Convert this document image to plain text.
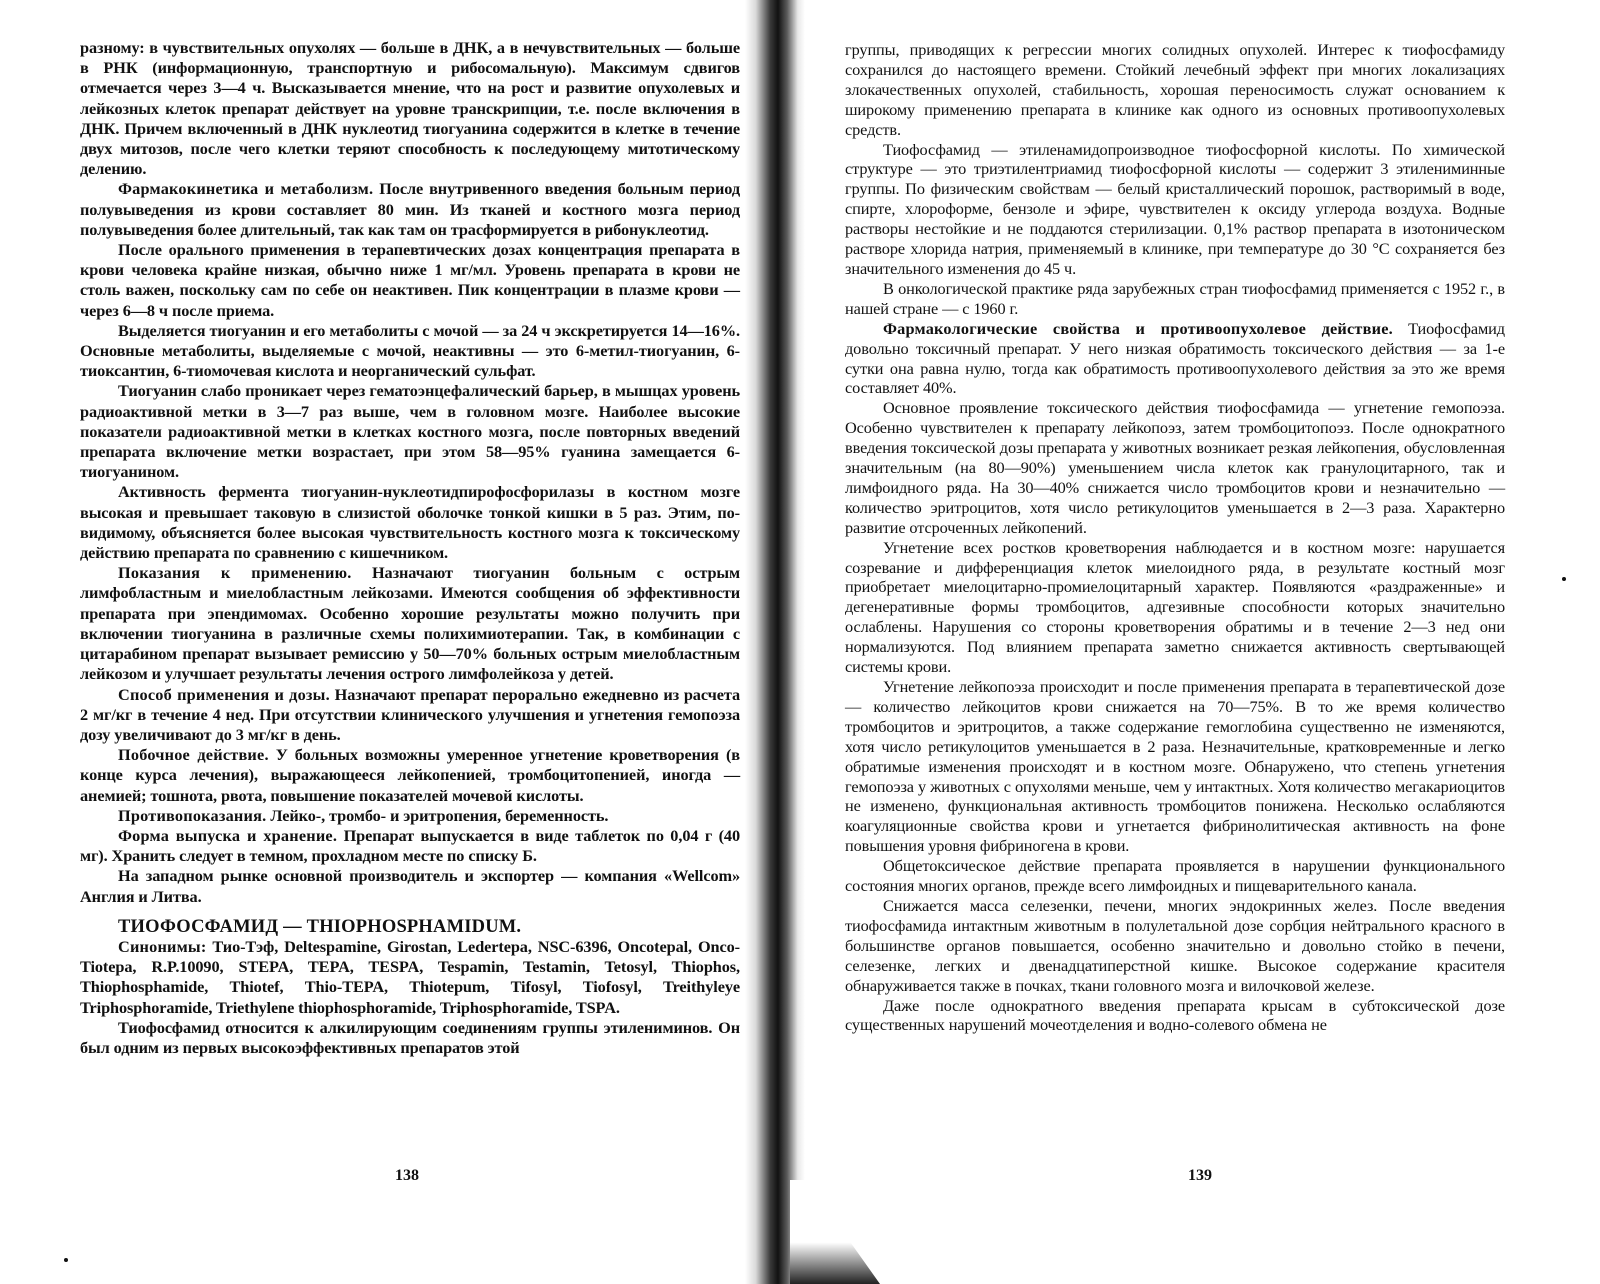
разному: в чувствительных опухолях — больше в ДНК, а в нечувствительных — больше в РНК (информационную, транспортную и рибосомальную). Максимум сдвигов отмечается через 3—4 ч. Высказывается мнение, что на рост и развитие опухолевых и лейкозных клеток препарат действует на уровне транскрипции, т.е. после включения в ДНК. Причем включенный в ДНК нуклеотид тиогуанина содержится в клетке в течение двух митозов, после чего клетки теряют способность к последующему митотическому делению.

Фармакокинетика и метаболизм. После внутривенного введения больным период полувыведения из крови составляет 80 мин. Из тканей и костного мозга период полувыведения более длительный, так как там он трасформируется в рибонуклеотид.

После орального применения в терапевтических дозах концентрация препарата в крови человека крайне низкая, обычно ниже 1 мг/мл. Уровень препарата в крови не столь важен, поскольку сам по себе он неактивен. Пик концентрации в плазме крови — через 6—8 ч после приема.

Выделяется тиогуанин и его метаболиты с мочой — за 24 ч экскретируется 14—16%. Основные метаболиты, выделяемые с мочой, неактивны — это 6-метил-тиогуанин, 6-тиоксантин, 6-тиомочевая кислота и неорганический сульфат.

Тиогуанин слабо проникает через гематоэнцефалический барьер, в мышцах уровень радиоактивной метки в 3—7 раз выше, чем в головном мозге. Наиболее высокие показатели радиоактивной метки в клетках костного мозга, после повторных введений препарата включение метки возрастает, при этом 58—95% гуанина замещается 6-тиогуанином.

Активность фермента тиогуанин-нуклеотидпирофосфорилазы в костном мозге высокая и превышает таковую в слизистой оболочке тонкой кишки в 5 раз. Этим, по-видимому, объясняется более высокая чувствительность костного мозга к токсическому действию препарата по сравнению с кишечником.

Показания к применению. Назначают тиогуанин больным с острым лимфобластным и миелобластным лейкозами. Имеются сообщения об эффективности препарата при эпендимомах. Особенно хорошие результаты можно получить при включении тиогуанина в различные схемы полихимиотерапии. Так, в комбинации с цитарабином препарат вызывает ремиссию у 50—70% больных острым миелобластным лейкозом и улучшает результаты лечения острого лимфолейкоза у детей.

Способ применения и дозы. Назначают препарат перорально ежедневно из расчета 2 мг/кг в течение 4 нед. При отсутствии клинического улучшения и угнетения гемопоэза дозу увеличивают до 3 мг/кг в день.

Побочное действие. У больных возможны умеренное угнетение кроветворения (в конце курса лечения), выражающееся лейкопенией, тромбоцитопенией, иногда — анемией; тошнота, рвота, повышение показателей мочевой кислоты.

Противопоказания. Лейко-, тромбо- и эритропения, беременность.

Форма выпуска и хранение. Препарат выпускается в виде таблеток по 0,04 г (40 мг). Хранить следует в темном, прохладном месте по списку Б.

На западном рынке основной производитель и экспортер — компания «Wellcom» Англия и Литва.

ТИОФОСФАМИД — THIOPHOSPHAMIDUM.

Синонимы: Тио-Тэф, Deltespamine, Girostan, Ledertepa, NSC-6396, Oncotepal, Onco-Tiotepa, R.P.10090, STEPA, TEPA, TESPA, Tespamin, Testamin, Tetosyl, Thiophos, Thiophosphamide, Thiotef, Thio-TEPA, Thiotepum, Tifosyl, Tiofosyl, Treithyleye Triphosphoramide, Triethylene thiophosphoramide, Triphosphoramide, TSPA.

Тиофосфамид относится к алкилирующим соединениям группы этилениминов. Он был одним из первых высокоэффективных препаратов этой

138

группы, приводящих к регрессии многих солидных опухолей. Интерес к тиофосфамиду сохранился до настоящего времени. Стойкий лечебный эффект при многих локализациях злокачественных опухолей, стабильность, хорошая переносимость служат основанием к широкому применению препарата в клинике как одного из основных противоопухолевых средств.

Тиофосфамид — этиленамидопроизводное тиофосфорной кислоты. По химической структуре — это триэтилентриамид тиофосфорной кислоты — содержит 3 этилениминные группы. По физическим свойствам — белый кристаллический порошок, растворимый в воде, спирте, хлороформе, бензоле и эфире, чувствителен к оксиду углерода воздуха. Водные растворы нестойкие и не поддаются стерилизации. 0,1% раствор препарата в изотоническом растворе хлорида натрия, применяемый в клинике, при температуре до 30 °С сохраняется без значительного изменения до 45 ч.

В онкологической практике ряда зарубежных стран тиофосфамид применяется с 1952 г., в нашей стране — с 1960 г.

Фармакологические свойства и противоопухолевое действие. Тиофосфамид довольно токсичный препарат. У него низкая обратимость токсического действия — за 1-е сутки она равна нулю, тогда как обратимость противоопухолевого действия за это же время составляет 40%.

Основное проявление токсического действия тиофосфамида — угнетение гемопоэза. Особенно чувствителен к препарату лейкопоэз, затем тромбоцитопоэз. После однократного введения токсической дозы препарата у животных возникает резкая лейкопения, обусловленная значительным (на 80—90%) уменьшением числа клеток как гранулоцитарного, так и лимфоидного ряда. На 30—40% снижается число тромбоцитов крови и незначительно — количество эритроцитов, хотя число ретикулоцитов уменьшается в 2—3 раза. Характерно развитие отсроченных лейкопений.

Угнетение всех ростков кроветворения наблюдается и в костном мозге: нарушается созревание и дифференциация клеток миелоидного ряда, в результате костный мозг приобретает миелоцитарно-промиелоцитарный характер. Появляются «раздраженные» и дегенеративные формы тромбоцитов, адгезивные способности которых значительно ослаблены. Нарушения со стороны кроветворения обратимы и в течение 2—3 нед они нормализуются. Под влиянием препарата заметно снижается активность свертывающей системы крови.

Угнетение лейкопоэза происходит и после применения препарата в терапевтической дозе — количество лейкоцитов крови снижается на 70—75%. В то же время количество тромбоцитов и эритроцитов, а также содержание гемоглобина существенно не изменяются, хотя число ретикулоцитов уменьшается в 2 раза. Незначительные, кратковременные и легко обратимые изменения происходят и в костном мозге. Обнаружено, что степень угнетения гемопоэза у животных с опухолями меньше, чем у интактных. Хотя количество мегакариоцитов не изменено, функциональная активность тромбоцитов понижена. Несколько ослабляются коагуляционные свойства крови и угнетается фибринолитическая активность на фоне повышения уровня фибриногена в крови.

Общетоксическое действие препарата проявляется в нарушении функционального состояния многих органов, прежде всего лимфоидных и пищеварительного канала.

Снижается масса селезенки, печени, многих эндокринных желез. После введения тиофосфамида интактным животным в полулетальной дозе сорбция нейтрального красного в большинстве органов повышается, особенно значительно и довольно стойко в печени, селезенке, легких и двенадцатиперстной кишке. Высокое содержание красителя обнаруживается также в почках, ткани головного мозга и вилочковой железе.

Даже после однократного введения препарата крысам в субтоксической дозе существенных нарушений мочеотделения и водно-солевого обмена не

139
